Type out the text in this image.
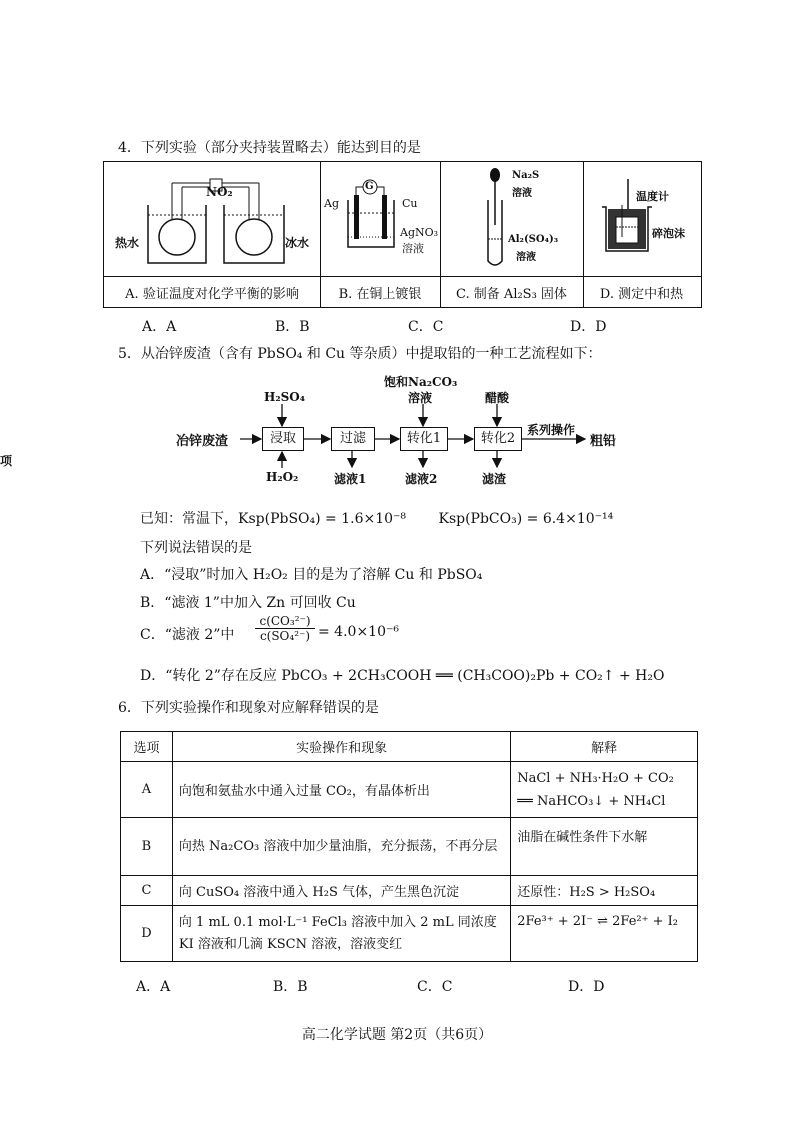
项
4．下列实验（部分夹持装置略去）能达到目的是
NO₂
热水	冰水
A. 验证温度对化学平衡的影响
G
Ag	Cu
AgNO₃
溶液
B. 在铜上镀银
Na₂S
溶液
Al₂(SO₄)₃
溶液
C. 制备 Al₂S₃ 固体
温度计
碎泡沫
D. 测定中和热
A．A	B．B	C．C	D．D
5．从冶锌废渣（含有 PbSO₄ 和 Cu 等杂质）中提取铅的一种工艺流程如下：
冶锌废渣	浸取	过滤	转化1	转化2
H₂SO₄
饱和Na₂CO₃
溶液	醋酸
H₂O₂	滤液1	滤液2	滤渣
系列操作
粗铅
已知：常温下，Ksp(PbSO₄) = 1.6×10⁻⁸　　 Ksp(PbCO₃) = 6.4×10⁻¹⁴
下列说法错误的是
A．“浸取”时加入 H₂O₂ 目的是为了溶解 Cu 和 PbSO₄
B．“滤液 1”中加入 Zn 可回收 Cu
C．“滤液 2”中 $\frac{\text{c(CO₃²⁻)}}{\text{c(SO₄²⁻)}} = 4.0\times 10^{-6}$
D．“转化 2”存在反应 PbCO₃ + 2CH₃COOH ══ (CH₃COO)₂Pb + CO₂↑ + H₂O
6．下列实验操作和现象对应解释错误的是
选项	实验操作和现象	解释
A	向饱和氨盐水中通入过量 CO₂，有晶体析出	NaCl + NH₃·H₂O + CO₂
══ NaHCO₃↓ + NH₄Cl

B	向热 Na₂CO₃ 溶液中加少量油脂，充分振荡，不再分层	油脂在碱性条件下水解
C	向 CuSO₄ 溶液中通入 H₂S 气体，产生黑色沉淀	还原性：H₂S > H₂SO₄
D	向 1 mL 0.1 mol·L⁻¹ FeCl₃ 溶液中加入 2 mL 同浓度 KI 溶液和几滴 KSCN 溶液，溶液变红	2Fe³⁺ + 2I⁻ ⇌ 2Fe²⁺ + I₂
A．A	B．B	C．C	D．D
高二化学试题 第2页（共6页）
